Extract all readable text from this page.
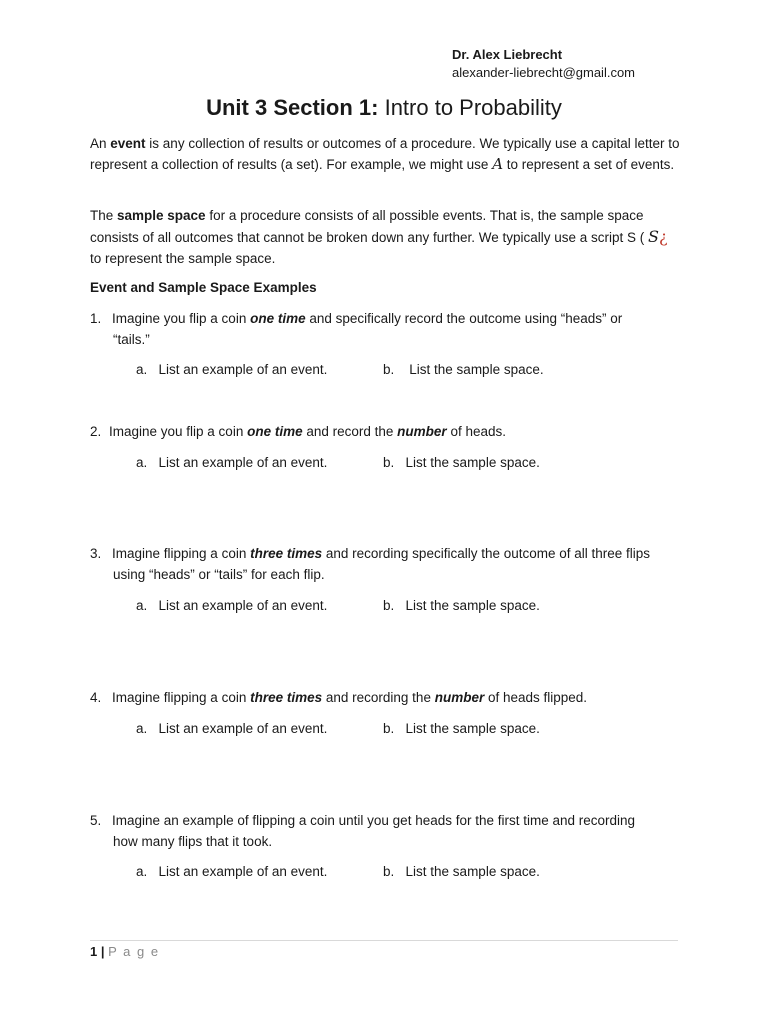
Dr. Alex Liebrecht
alexander-liebrecht@gmail.com
Unit 3 Section 1: Intro to Probability
An event is any collection of results or outcomes of a procedure. We typically use a capital letter to represent a collection of results (a set). For example, we might use A to represent a set of events.
The sample space for a procedure consists of all possible events. That is, the sample space consists of all outcomes that cannot be broken down any further. We typically use a script S ( S¿ to represent the sample space.
Event and Sample Space Examples
1. Imagine you flip a coin one time and specifically record the outcome using “heads” or
“tails.”
a. List an example of an event.	b. List the sample space.
2. Imagine you flip a coin one time and record the number of heads.
a. List an example of an event.	b. List the sample space.
3. Imagine flipping a coin three times and recording specifically the outcome of all three flips
using “heads” or “tails” for each flip.
a. List an example of an event.	b. List the sample space.
4. Imagine flipping a coin three times and recording the number of heads flipped.
a. List an example of an event.	b. List the sample space.
5. Imagine an example of flipping a coin until you get heads for the first time and recording
how many flips that it took.
a. List an example of an event.	b. List the sample space.
1 | P a g e
